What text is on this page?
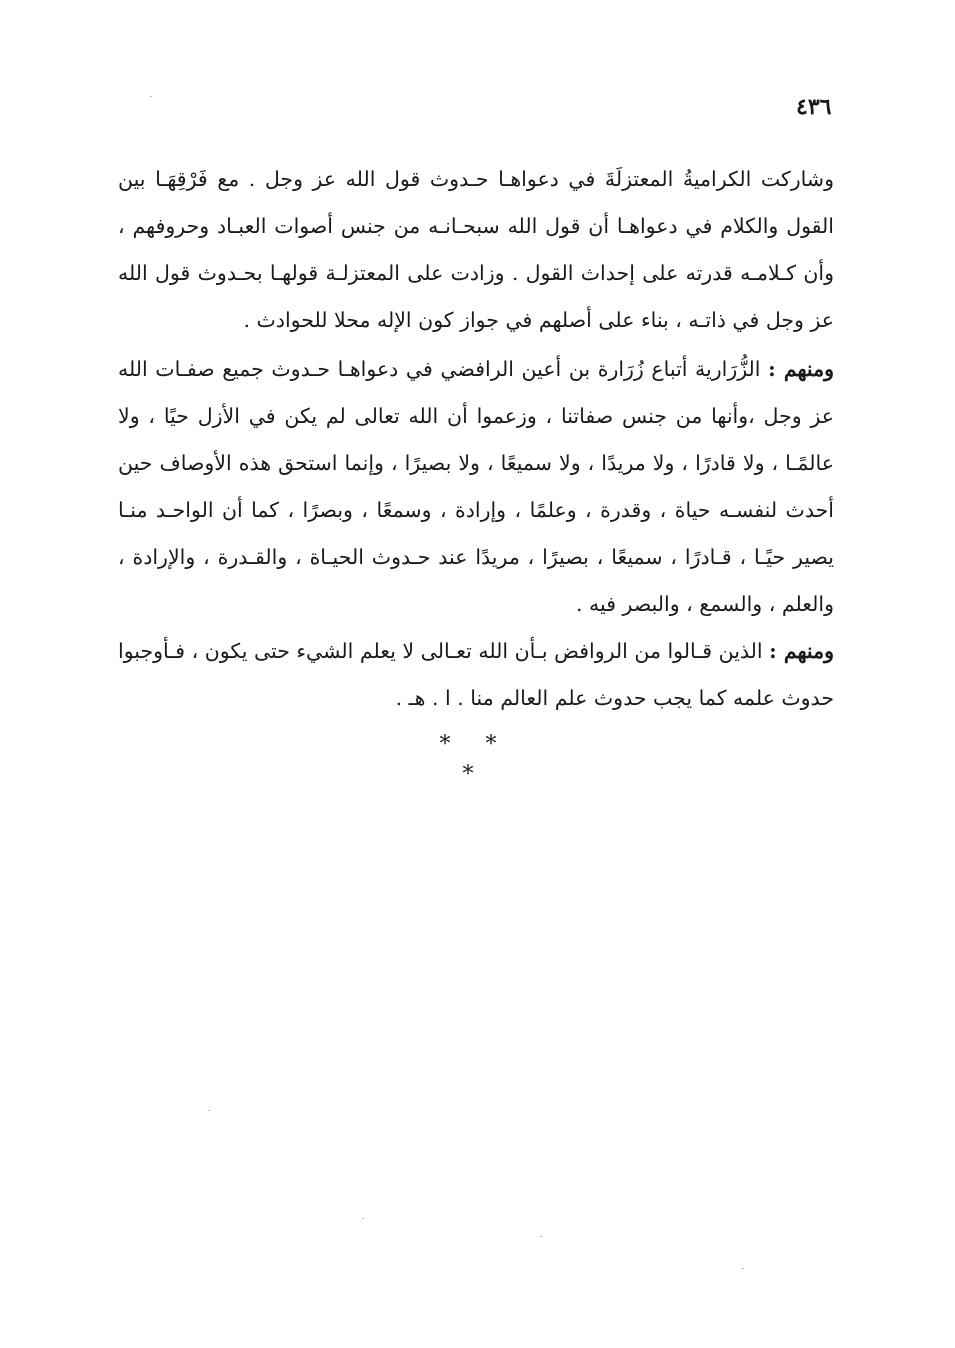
٤٣٦

وشاركت الكراميةُ المعتزلَةَ في دعواهـا حـدوث قول الله عز وجل . مع فَرْقِهَـا بين القول والكلام في دعواهـا أن قول الله سبحـانـه من جنس أصوات العبـاد وحروفهم ، وأن كـلامـه قدرته على إحداث القول . وزادت على المعتزلـة قولهـا بحـدوث قول الله عز وجل في ذاتـه ، بناء على أصلهم في جواز كون الإله محلا للحوادث .

ومنهم : الزُّرَارية أتباع زُرَارة بن أعين الرافضي في دعواهـا حـدوث جميع صفـات الله عز وجل ،وأنها من جنس صفاتنا ، وزعموا أن الله تعالى لم يكن في الأزل حيًا ، ولا عالمًـا ، ولا قادرًا ، ولا مريدًا ، ولا سميعًا ، ولا بصيرًا ، وإنما استحق هذه الأوصاف حين أحدث لنفسـه حياة ، وقدرة ، وعلمًا ، وإرادة ، وسمعًا ، وبصرًا ، كما أن الواحـد منـا يصير حيًـا ، قـادرًا ، سميعًا ، بصيرًا ، مريدًا عند حـدوث الحيـاة ، والقـدرة ، والإرادة ، والعلم ، والسمع ، والبصر فيه .

ومنهم : الذين قـالوا من الروافض بـأن الله تعـالى لا يعلم الشيء حتى يكون ، فـأوجبوا حدوث علمه كما يجب حدوث علم العالم منا . ا . هـ .

* * *
